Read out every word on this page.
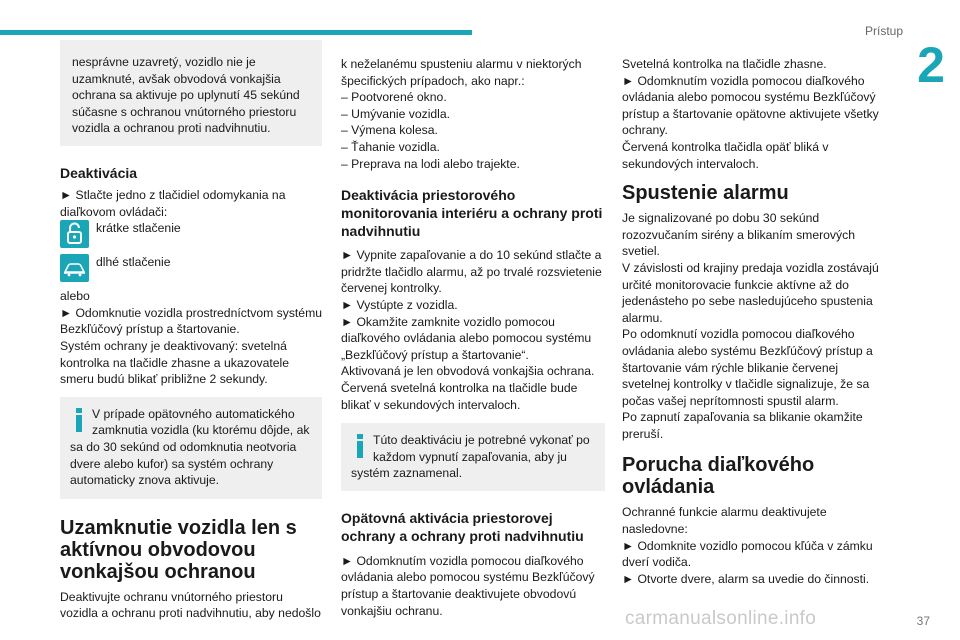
Prístup
2

nesprávne uzavretý, vozidlo nie je uzamknuté, avšak obvodová vonkajšia ochrana sa aktivuje po uplynutí 45 sekúnd súčasne s ochranou vnútorného priestoru vozidla a ochranou proti nadvihnutiu.

Deaktivácia

► Stlačte jedno z tlačidiel odomykania na diaľkovom ovládači:

krátke stlačenie
dlhé stlačenie

alebo
► Odomknutie vozidla prostredníctvom systému Bezkľúčový prístup a štartovanie.
Systém ochrany je deaktivovaný: svetelná kontrolka na tlačidle zhasne a ukazovatele smeru budú blikať približne 2 sekundy.

V prípade opätovného automatického zamknutia vozidla (ku ktorému dôjde, ak

sa do 30 sekúnd od odomknutia neotvoria dvere alebo kufor) sa systém ochrany automaticky znova aktivuje.

Uzamknutie vozidla len s aktívnou obvodovou vonkajšou ochranou

Deaktivujte ochranu vnútorného priestoru vozidla a ochranu proti nadvihnutiu, aby nedošlo

k neželanému spusteniu alarmu v niektorých špecifických prípadoch, ako napr.:
– Pootvorené okno.
– Umývanie vozidla.
– Výmena kolesa.
– Ťahanie vozidla.
– Preprava na lodi alebo trajekte.

Deaktivácia priestorového monitorovania interiéru a ochrany proti nadvihnutiu

► Vypnite zapaľovanie a do 10 sekúnd stlačte a pridržte tlačidlo alarmu, až po trvalé rozsvietenie červenej kontrolky.
► Vystúpte z vozidla.
► Okamžite zamknite vozidlo pomocou diaľkového ovládania alebo pomocou systému „Bezkľúčový prístup a štartovanie“.
Aktivovaná je len obvodová vonkajšia ochrana. Červená svetelná kontrolka na tlačidle bude blikať v sekundových intervaloch.

Túto deaktiváciu je potrebné vykonať po každom vypnutí zapaľovania, aby ju

systém zaznamenal.

Opätovná aktivácia priestorovej ochrany a ochrany proti nadvihnutiu

► Odomknutím vozidla pomocou diaľkového ovládania alebo pomocou systému Bezkľúčový prístup a štartovanie deaktivujete obvodovú vonkajšiu ochranu.

Svetelná kontrolka na tlačidle zhasne.
► Odomknutím vozidla pomocou diaľkového ovládania alebo pomocou systému Bezkľúčový prístup a štartovanie opätovne aktivujete všetky ochrany.
Červená kontrolka tlačidla opäť bliká v sekundových intervaloch.

Spustenie alarmu

Je signalizované po dobu 30 sekúnd rozozvučaním sirény a blikaním smerových svetiel.
V závislosti od krajiny predaja vozidla zostávajú určité monitorovacie funkcie aktívne až do jedenásteho po sebe nasledujúceho spustenia alarmu.
Po odomknutí vozidla pomocou diaľkového ovládania alebo systému Bezkľúčový prístup a štartovanie vám rýchle blikanie červenej svetelnej kontrolky v tlačidle signalizuje, že sa počas vašej neprítomnosti spustil alarm.
Po zapnutí zapaľovania sa blikanie okamžite preruší.

Porucha diaľkového ovládania

Ochranné funkcie alarmu deaktivujete nasledovne:
► Odomknite vozidlo pomocou kľúča v zámku dverí vodiča.
► Otvorte dvere, alarm sa uvedie do činnosti.

carmanualsonline.info	37
